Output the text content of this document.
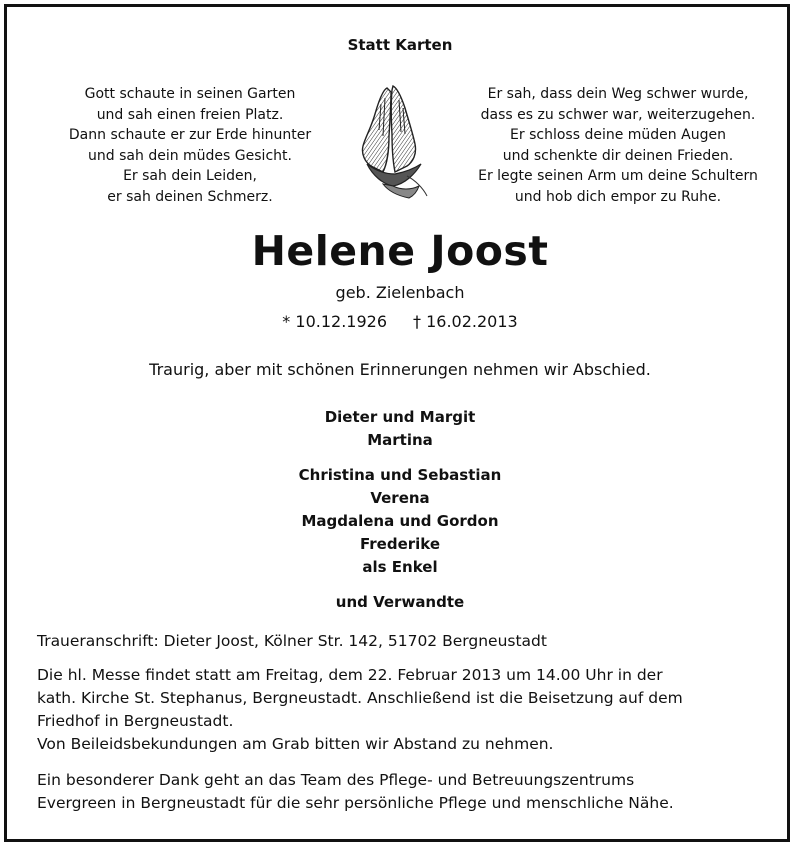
Statt Karten
Gott schaute in seinen Garten
und sah einen freien Platz.
Dann schaute er zur Erde hinunter
und sah dein müdes Gesicht.
Er sah dein Leiden,
er sah deinen Schmerz.
Er sah, dass dein Weg schwer wurde,
dass es zu schwer war, weiterzugehen.
Er schloss deine müden Augen
und schenkte dir deinen Frieden.
Er legte seinen Arm um deine Schultern
und hob dich empor zu Ruhe.
Helene Joost
geb. Zielenbach
* 10.12.1926 † 16.02.2013
Traurig, aber mit schönen Erinnerungen nehmen wir Abschied.
Dieter und Margit
Martina
Christina und Sebastian
Verena
Magdalena und Gordon
Frederike
als Enkel
und Verwandte
Traueranschrift: Dieter Joost, Kölner Str. 142, 51702 Bergneustadt
Die hl. Messe findet statt am Freitag, dem 22. Februar 2013 um 14.00 Uhr in der
kath. Kirche St. Stephanus, Bergneustadt. Anschließend ist die Beisetzung auf dem
Friedhof in Bergneustadt.
Von Beileidsbekundungen am Grab bitten wir Abstand zu nehmen.
Ein besonderer Dank geht an das Team des Pflege- und Betreuungszentrums
Evergreen in Bergneustadt für die sehr persönliche Pflege und menschliche Nähe.
